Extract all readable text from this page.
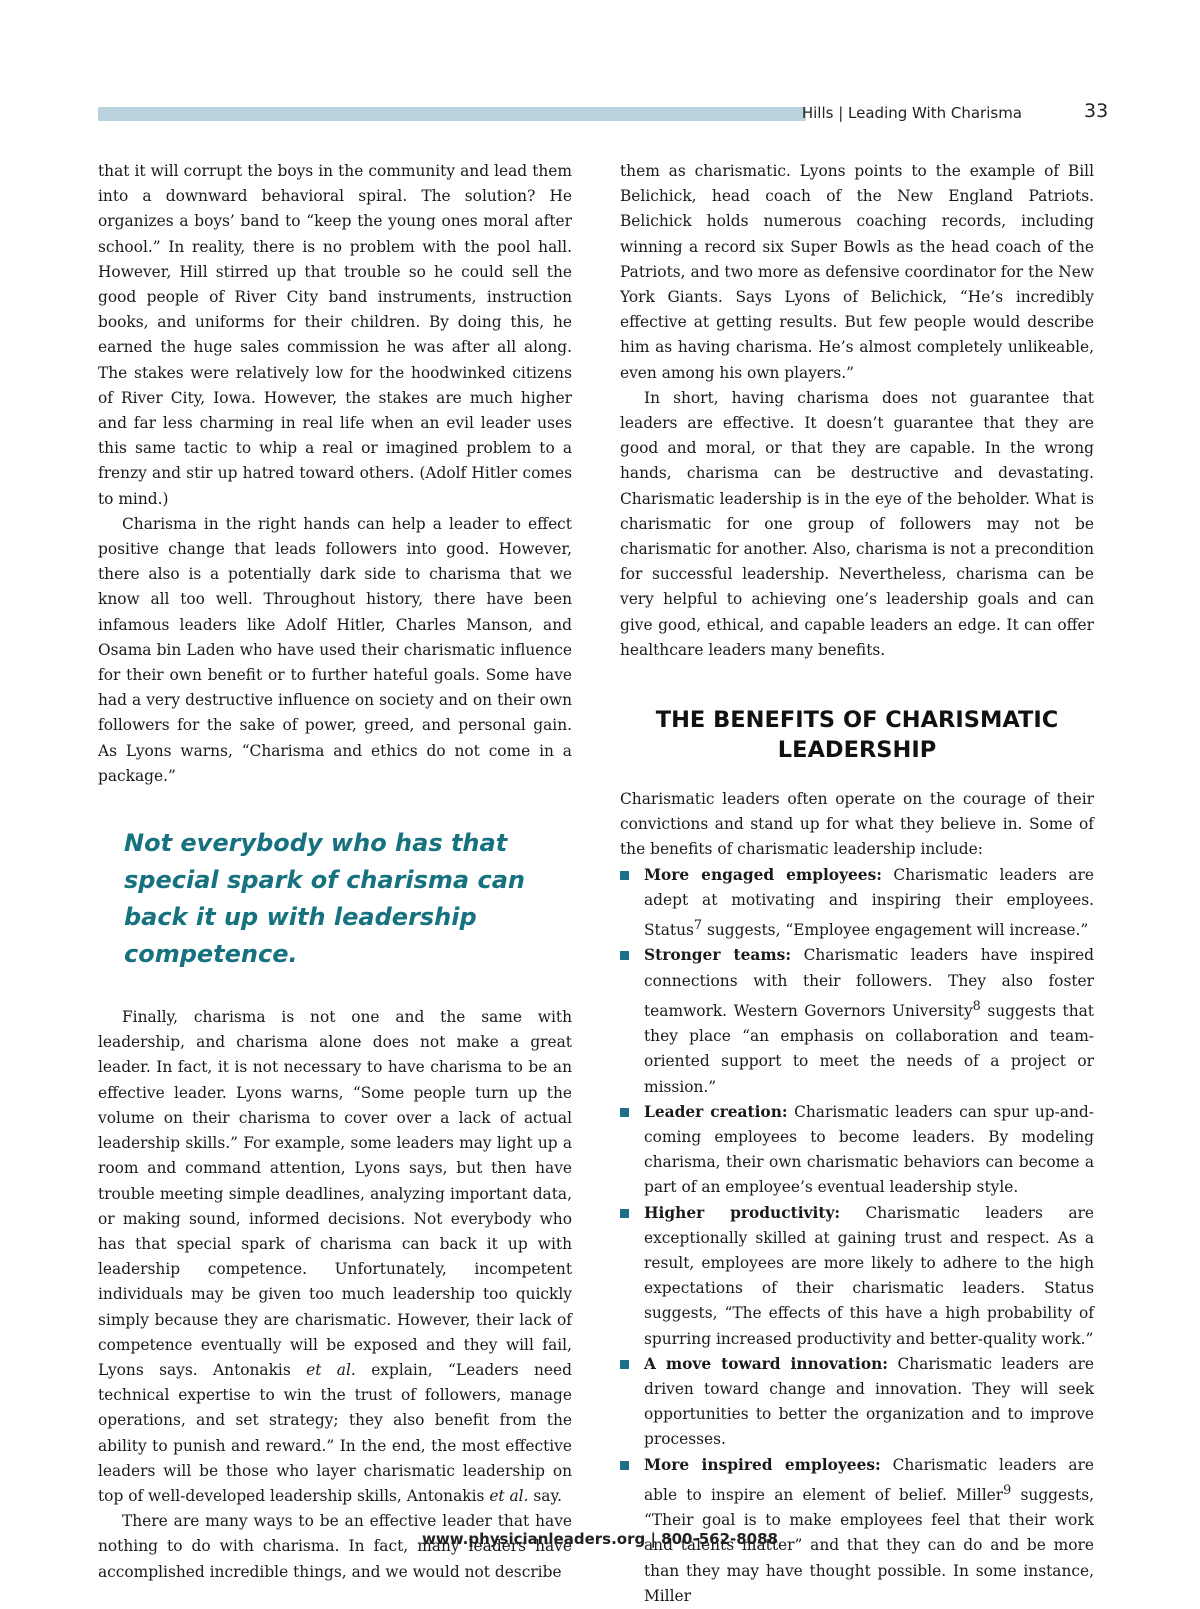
Hills | Leading With Charisma	33

that it will corrupt the boys in the community and lead them into a downward behavioral spiral. The solution? He organizes a boys’ band to “keep the young ones moral after school.” In reality, there is no problem with the pool hall. However, Hill stirred up that trouble so he could sell the good people of River City band instruments, instruction books, and uniforms for their children. By doing this, he earned the huge sales commission he was after all along. The stakes were relatively low for the hoodwinked citizens of River City, Iowa. However, the stakes are much higher and far less charming in real life when an evil leader uses this same tactic to whip a real or imagined problem to a frenzy and stir up hatred toward others. (Adolf Hitler comes to mind.)

Charisma in the right hands can help a leader to effect positive change that leads followers into good. However, there also is a potentially dark side to charisma that we know all too well. Throughout history, there have been infamous leaders like Adolf Hitler, Charles Manson, and Osama bin Laden who have used their charismatic influence for their own benefit or to further hateful goals. Some have had a very destructive influence on society and on their own followers for the sake of power, greed, and personal gain. As Lyons warns, “Charisma and ethics do not come in a package.”

Not everybody who has that special spark of charisma can back it up with leadership competence.

Finally, charisma is not one and the same with leadership, and charisma alone does not make a great leader. In fact, it is not necessary to have charisma to be an effective leader. Lyons warns, “Some people turn up the volume on their charisma to cover over a lack of actual leadership skills.” For example, some leaders may light up a room and command attention, Lyons says, but then have trouble meeting simple deadlines, analyzing important data, or making sound, informed decisions. Not everybody who has that special spark of charisma can back it up with leadership competence. Unfortunately, incompetent individuals may be given too much leadership too quickly simply because they are charismatic. However, their lack of competence eventually will be exposed and they will fail, Lyons says. Antonakis et al. explain, “Leaders need technical expertise to win the trust of followers, manage operations, and set strategy; they also benefit from the ability to punish and reward.” In the end, the most effective leaders will be those who layer charismatic leadership on top of well-developed leadership skills, Antonakis et al. say.

There are many ways to be an effective leader that have nothing to do with charisma. In fact, many leaders have accomplished incredible things, and we would not describe

them as charismatic. Lyons points to the example of Bill Belichick, head coach of the New England Patriots. Belichick holds numerous coaching records, including winning a record six Super Bowls as the head coach of the Patriots, and two more as defensive coordinator for the New York Giants. Says Lyons of Belichick, “He’s incredibly effective at getting results. But few people would describe him as having charisma. He’s almost completely unlikeable, even among his own players.”

In short, having charisma does not guarantee that leaders are effective. It doesn’t guarantee that they are good and moral, or that they are capable. In the wrong hands, charisma can be destructive and devastating. Charismatic leadership is in the eye of the beholder. What is charismatic for one group of followers may not be charismatic for another. Also, charisma is not a precondition for successful leadership. Nevertheless, charisma can be very helpful to achieving one’s leadership goals and can give good, ethical, and capable leaders an edge. It can offer healthcare leaders many benefits.

THE BENEFITS OF CHARISMATIC LEADERSHIP

Charismatic leaders often operate on the courage of their convictions and stand up for what they believe in. Some of the benefits of charismatic leadership include:

More engaged employees: Charismatic leaders are adept at motivating and inspiring their employees. Status$^7$ suggests, “Employee engagement will increase.”
Stronger teams: Charismatic leaders have inspired connections with their followers. They also foster teamwork. Western Governors University$^8$ suggests that they place “an emphasis on collaboration and team-oriented support to meet the needs of a project or mission.”
Leader creation: Charismatic leaders can spur up-and-coming employees to become leaders. By modeling charisma, their own charismatic behaviors can become a part of an employee’s eventual leadership style.
Higher productivity: Charismatic leaders are exceptionally skilled at gaining trust and respect. As a result, employees are more likely to adhere to the high expectations of their charismatic leaders. Status suggests, “The effects of this have a high probability of spurring increased productivity and better-quality work.”
A move toward innovation: Charismatic leaders are driven toward change and innovation. They will seek opportunities to better the organization and to improve processes.
More inspired employees: Charismatic leaders are able to inspire an element of belief. Miller$^9$ suggests, “Their goal is to make employees feel that their work and talents matter” and that they can do and be more than they may have thought possible. In some instance, Miller
www.physicianleaders.org | 800-562-8088
